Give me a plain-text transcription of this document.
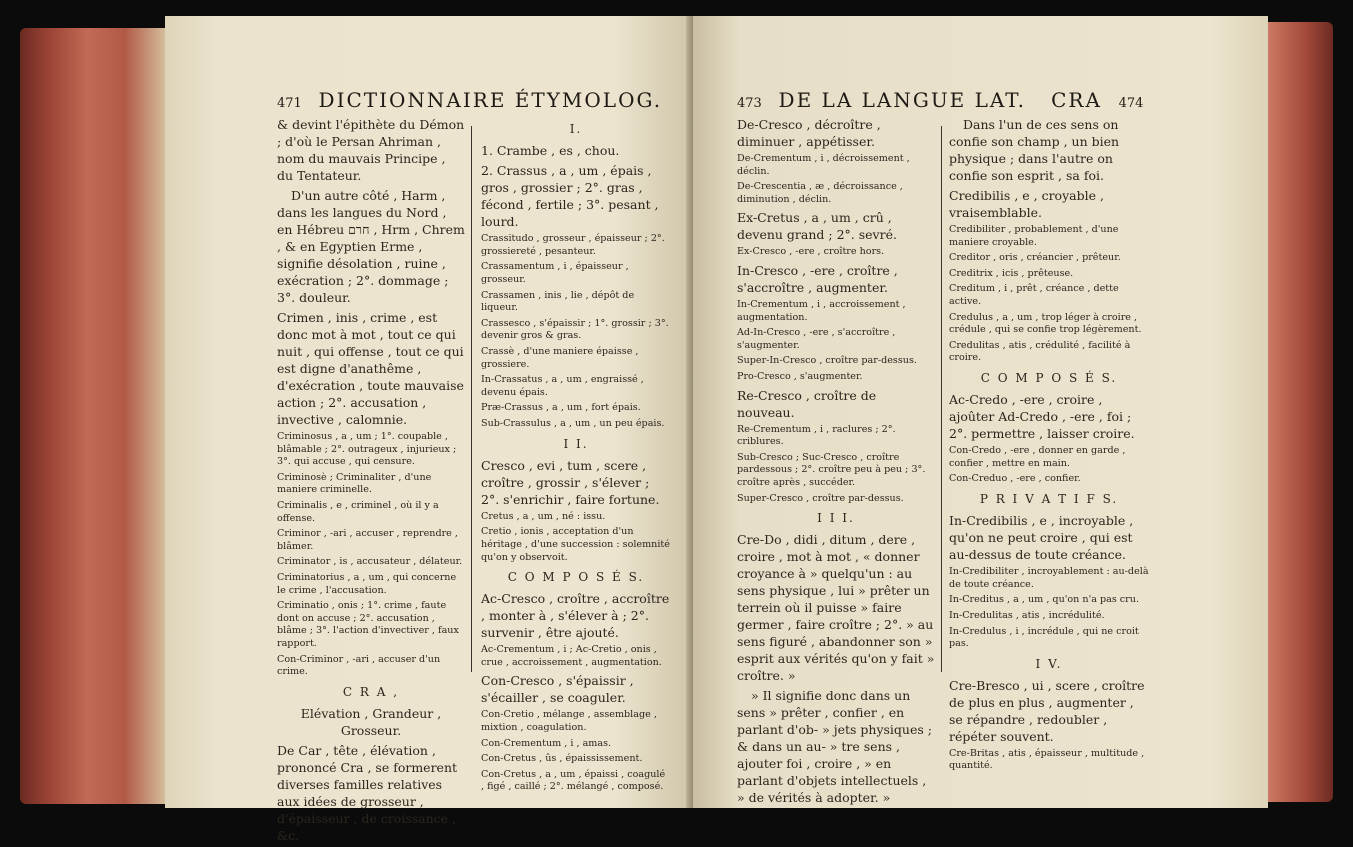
471 DICTIONNAIRE ÉTYMOLOG.

& devint l'épithète du Démon ; d'où le Persan Ahriman , nom du mauvais Principe , du Tentateur.

D'un autre côté , Harm , dans les langues du Nord , en Hébreu חרם , Hrm , Chrem , & en Egyptien Erme , signifie désolation , ruine , exécration ; 2°. dommage ; 3°. douleur.

Crimen , inis , crime , est donc mot à mot , tout ce qui nuit , qui offense , tout ce qui est digne d'anathême , d'exécration , toute mauvaise action ; 2°. accusation , invective , calomnie.

Criminosus , a , um ; 1°. coupable , blâmable ; 2°. outrageux , injurieux ; 3°. qui accuse , qui censure.

Criminosè ; Criminaliter , d'une maniere criminelle.

Criminalis , e , criminel , où il y a offense.

Criminor , -ari , accuser , reprendre , blâmer.

Criminator , is , accusateur , délateur.

Criminatorius , a , um , qui concerne le crime , l'accusation.

Criminatio , onis ; 1°. crime , faute dont on accuse ; 2°. accusation , blâme ; 3°. l'action d'invectiver , faux rapport.

Con-Criminor , -ari , accuser d'un crime.

C R A ,

Elévation , Grandeur , Grosseur.

De Car , tête , élévation , prononcé Cra , se formerent diverses familles relatives aux idées de grosseur , d'épaisseur , de croissance , &c.

I.

1. Crambe , es , chou.

2. Crassus , a , um , épais , gros , grossier ; 2°. gras , fécond , fertile ; 3°. pesant , lourd.

Crassitudo , grosseur , épaisseur ; 2°. grossiereté , pesanteur.

Crassamentum , i , épaisseur , grosseur.

Crassamen , inis , lie , dépôt de liqueur.

Crassesco , s'épaissir ; 1°. grossir ; 3°. devenir gros & gras.

Crassè , d'une maniere épaisse , grossiere.

In-Crassatus , a , um , engraissé , devenu épais.

Præ-Crassus , a , um , fort épais.

Sub-Crassulus , a , um , un peu épais.

I I.

Cresco , evi , tum , scere , croître , grossir , s'élever ; 2°. s'enrichir , faire fortune.

Cretus , a , um , né : issu.

Cretio , ionis , acceptation d'un héritage , d'une succession : solemnité qu'on y observoit.

C O M P O S É S.

Ac-Cresco , croître , accroître , monter à , s'élever à ; 2°. survenir , être ajouté.

Ac-Crementum , i ; Ac-Cretio , onis , crue , accroissement , augmentation.

Con-Cresco , s'épaissir , s'écailler , se coaguler.

Con-Cretio , mélange , assemblage , mixtion , coagulation.

Con-Crementum , i , amas.

Con-Cretus , ûs , épaississement.

Con-Cretus , a , um , épaissi , coagulé , figé , caillé ; 2°. mélangé , composé.

473 DE LA LANGUE LAT. CRA 474

De-Cresco , décroître , diminuer , appétisser.

De-Crementum , i , décroissement , déclin.

De-Crescentia , æ , décroissance , diminution , déclin.

Ex-Cretus , a , um , crû , devenu grand ; 2°. sevré.

Ex-Cresco , -ere , croître hors.

In-Cresco , -ere , croître , s'accroître , augmenter.

In-Crementum , i , accroissement , augmentation.

Ad-In-Cresco , -ere , s'accroître , s'augmenter.

Super-In-Cresco , croître par-dessus.

Pro-Cresco , s'augmenter.

Re-Cresco , croître de nouveau.

Re-Crementum , i , raclures ; 2°. criblures.

Sub-Cresco ; Suc-Cresco , croître pardessous ; 2°. croître peu à peu ; 3°. croître après , succéder.

Super-Cresco , croître par-dessus.

I I I.

Cre-Do , didi , ditum , dere , croire , mot à mot , « donner croyance à » quelqu'un : au sens physique , lui » prêter un terrein où il puisse » faire germer , faire croître ; 2°. » au sens figuré , abandonner son » esprit aux vérités qu'on y fait » croître. »

» Il signifie donc dans un sens » prêter , confier , en parlant d'ob- » jets physiques ; & dans un au- » tre sens , ajouter foi , croire , » en parlant d'objets intellectuels , » de vérités à adopter. »

Dans l'un de ces sens on confie son champ , un bien physique ; dans l'autre on confie son esprit , sa foi.

Credibilis , e , croyable , vraisemblable.

Credibiliter , probablement , d'une maniere croyable.

Creditor , oris , créancier , prêteur.

Creditrix , icis , prêteuse.

Creditum , i , prêt , créance , dette active.

Credulus , a , um , trop léger à croire , crédule , qui se confie trop légèrement.

Credulitas , atis , crédulité , facilité à croire.

C O M P O S É S.

Ac-Credo , -ere , croire , ajoûter Ad-Credo , -ere , foi ; 2°. permettre , laisser croire.

Con-Credo , -ere , donner en garde , confier , mettre en main.

Con-Creduo , -ere , confier.

P R I V A T I F S.

In-Credibilis , e , incroyable , qu'on ne peut croire , qui est au-dessus de toute créance.

In-Credibiliter , incroyablement : au-delà de toute créance.

In-Creditus , a , um , qu'on n'a pas cru.

In-Credulitas , atis , incrédulité.

In-Credulus , i , incrédule , qui ne croit pas.

I V.

Cre-Bresco , ui , scere , croître de plus en plus , augmenter , se répandre , redoubler , répéter souvent.

Cre-Britas , atis , épaisseur , multitude , quantité.
